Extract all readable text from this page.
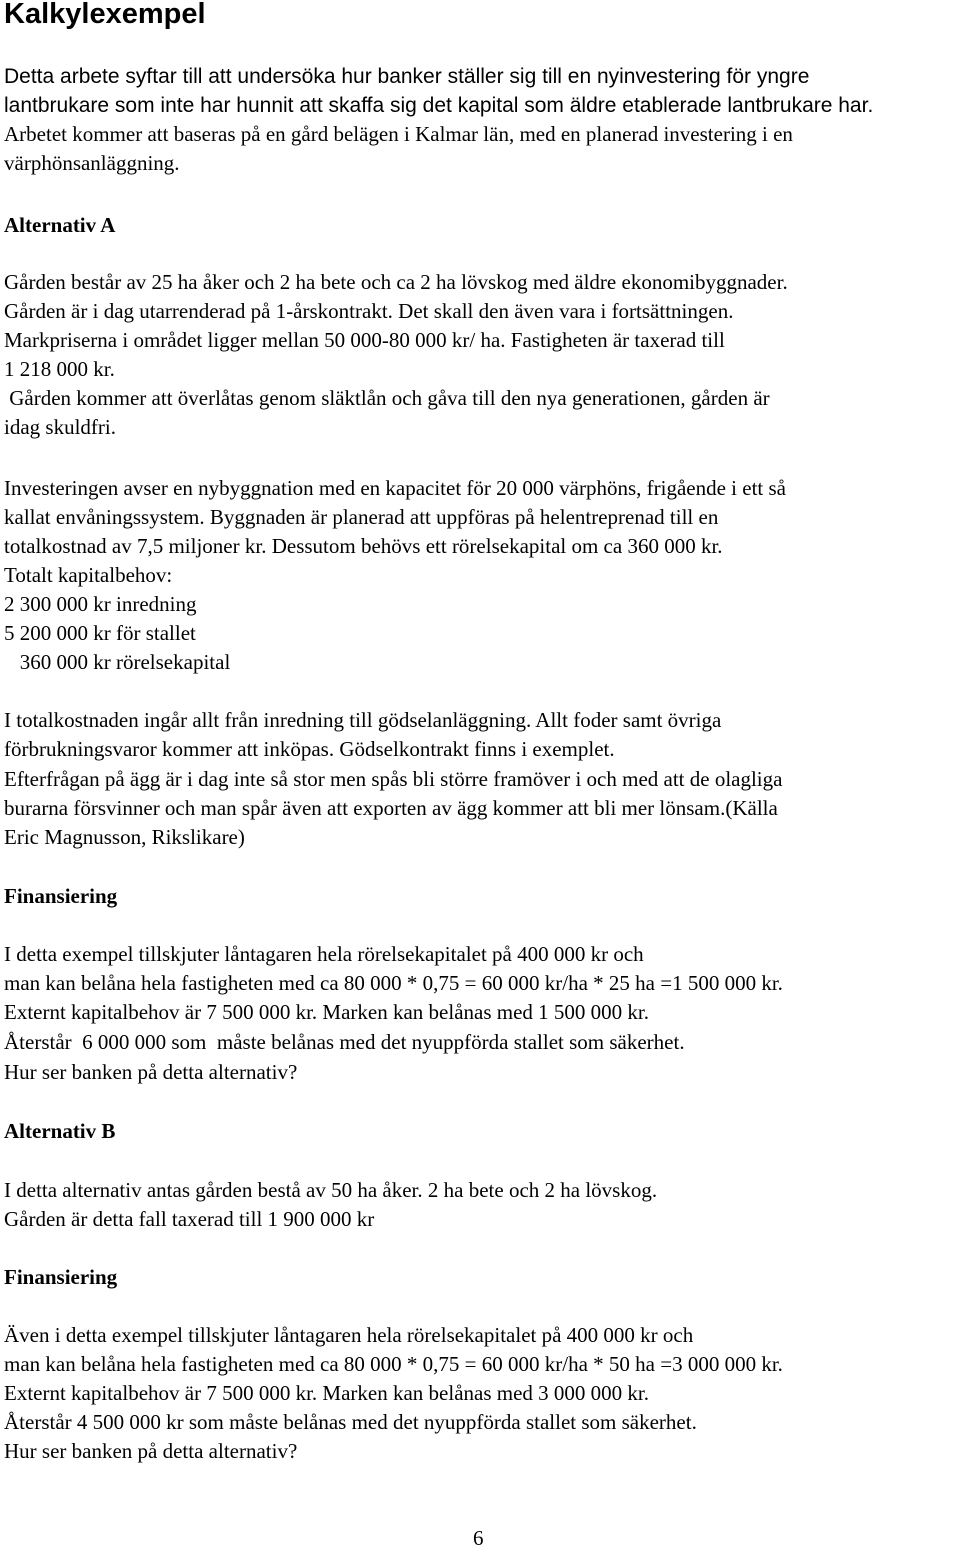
Kalkylexempel

Detta arbete syftar till att undersöka hur banker ställer sig till en nyinvestering för yngre

lantbrukare som inte har hunnit att skaffa sig det kapital som äldre etablerade lantbrukare har.

Arbetet kommer att baseras på en gård belägen i Kalmar län, med en planerad investering i en

värphönsanläggning.

Alternativ A

Gården består av 25 ha åker och 2 ha bete och ca 2 ha lövskog med äldre ekonomibyggnader.

Gården är i dag utarrenderad på 1-årskontrakt. Det skall den även vara i fortsättningen.

Markpriserna i området ligger mellan 50 000-80 000 kr/ ha. Fastigheten är taxerad till

1 218 000 kr.

Gården kommer att överlåtas genom släktlån och gåva till den nya generationen, gården är

idag skuldfri.

Investeringen avser en nybyggnation med en kapacitet för 20 000 värphöns, frigående i ett så

kallat envåningssystem. Byggnaden är planerad att uppföras på helentreprenad till en

totalkostnad av 7,5 miljoner kr. Dessutom behövs ett rörelsekapital om ca 360 000 kr.

Totalt kapitalbehov:

2 300 000 kr inredning

5 200 000 kr för stallet

360 000 kr rörelsekapital

I totalkostnaden ingår allt från inredning till gödselanläggning. Allt foder samt övriga

förbrukningsvaror kommer att inköpas. Gödselkontrakt finns i exemplet.

Efterfrågan på ägg är i dag inte så stor men spås bli större framöver i och med att de olagliga

burarna försvinner och man spår även att exporten av ägg kommer att bli mer lönsam.(Källa

Eric Magnusson, Rikslikare)

Finansiering

I detta exempel tillskjuter låntagaren hela rörelsekapitalet på 400 000 kr och

man kan belåna hela fastigheten med ca 80 000 * 0,75 = 60 000 kr/ha * 25 ha =1 500 000 kr.

Externt kapitalbehov är 7 500 000 kr. Marken kan belånas med 1 500 000 kr.

Återstår  6 000 000 som  måste belånas med det nyuppförda stallet som säkerhet.

Hur ser banken på detta alternativ?

Alternativ B

I detta alternativ antas gården bestå av 50 ha åker. 2 ha bete och 2 ha lövskog.

Gården är detta fall taxerad till 1 900 000 kr

Finansiering

Även i detta exempel tillskjuter låntagaren hela rörelsekapitalet på 400 000 kr och

man kan belåna hela fastigheten med ca 80 000 * 0,75 = 60 000 kr/ha * 50 ha =3 000 000 kr.

Externt kapitalbehov är 7 500 000 kr. Marken kan belånas med 3 000 000 kr.

Återstår 4 500 000 kr som måste belånas med det nyuppförda stallet som säkerhet.

Hur ser banken på detta alternativ?

6
